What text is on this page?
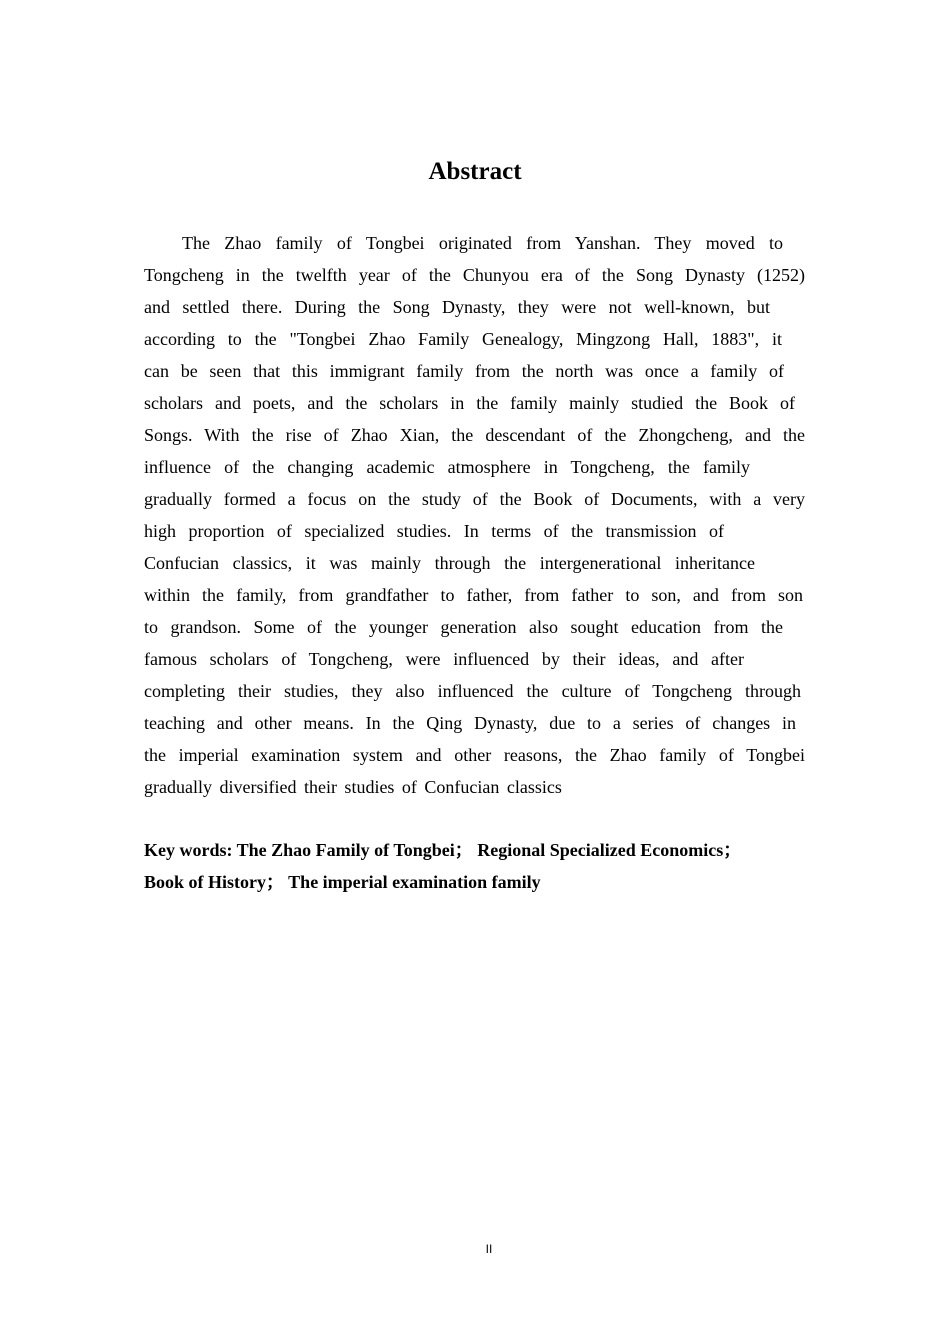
Abstract
The Zhao family of Tongbei originated from Yanshan. They moved to
Tongcheng in the twelfth year of the Chunyou era of the Song Dynasty (1252)
and settled there. During the Song Dynasty, they were not well-known, but
according to the "Tongbei Zhao Family Genealogy, Mingzong Hall, 1883", it
can be seen that this immigrant family from the north was once a family of
scholars and poets, and the scholars in the family mainly studied the Book of
Songs. With the rise of Zhao Xian, the descendant of the Zhongcheng, and the
influence of the changing academic atmosphere in Tongcheng, the family
gradually formed a focus on the study of the Book of Documents, with a very
high proportion of specialized studies. In terms of the transmission of
Confucian classics, it was mainly through the intergenerational inheritance
within the family, from grandfather to father, from father to son, and from son
to grandson. Some of the younger generation also sought education from the
famous scholars of Tongcheng, were influenced by their ideas, and after
completing their studies, they also influenced the culture of Tongcheng through
teaching and other means. In the Qing Dynasty, due to a series of changes in
the imperial examination system and other reasons, the Zhao family of Tongbei
gradually diversified their studies of Confucian classics
Key words: The Zhao Family of Tongbei； Regional Specialized Economics；
Book of History； The imperial examination family
II
